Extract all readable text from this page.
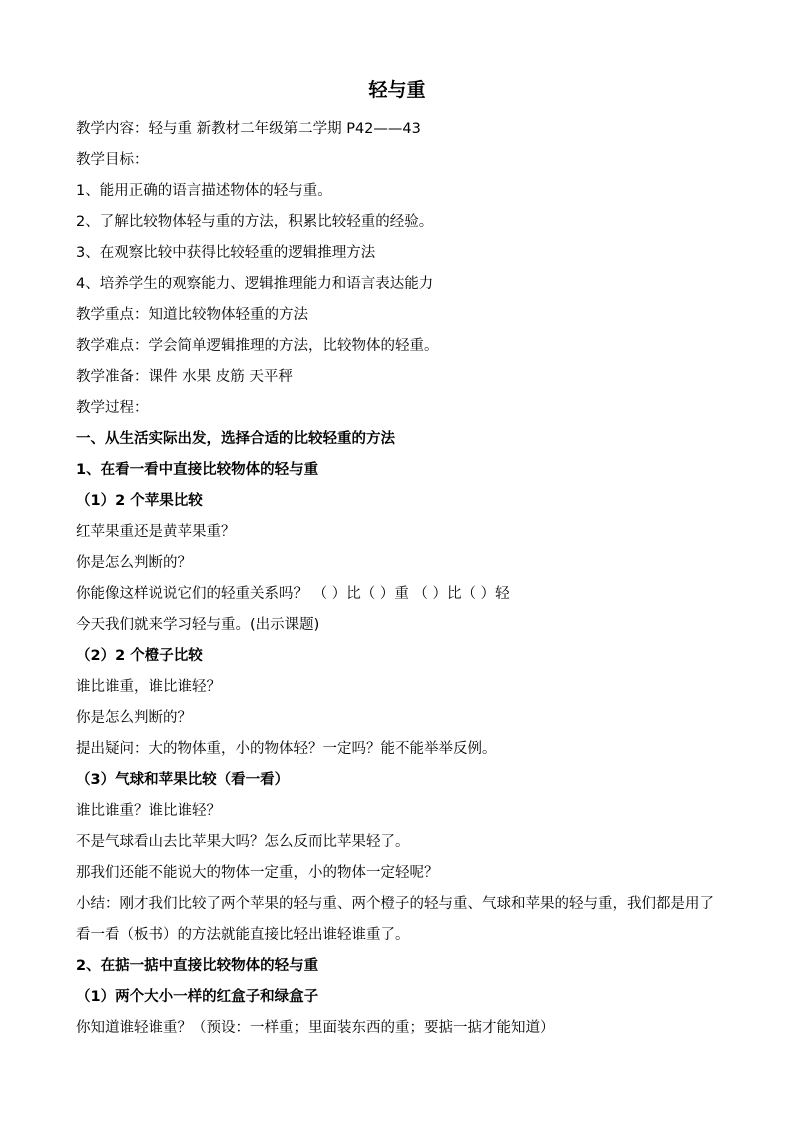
轻与重
教学内容：轻与重 新教材二年级第二学期 P42——43
教学目标：
1、能用正确的语言描述物体的轻与重。
2、了解比较物体轻与重的方法，积累比较轻重的经验。
3、在观察比较中获得比较轻重的逻辑推理方法
4、培养学生的观察能力、逻辑推理能力和语言表达能力
教学重点：知道比较物体轻重的方法
教学难点：学会简单逻辑推理的方法，比较物体的轻重。
教学准备：课件 水果 皮筋 天平秤
教学过程：
一、从生活实际出发，选择合适的比较轻重的方法
1、在看一看中直接比较物体的轻与重
（1）2 个苹果比较
红苹果重还是黄苹果重？
你是怎么判断的？
你能像这样说说它们的轻重关系吗？ （ ）比（ ）重 （ ）比（ ）轻
今天我们就来学习轻与重。(出示课题)
（2）2 个橙子比较
谁比谁重，谁比谁轻？
你是怎么判断的？
提出疑问：大的物体重，小的物体轻？一定吗？能不能举举反例。
（3）气球和苹果比较（看一看）
谁比谁重？谁比谁轻？
不是气球看山去比苹果大吗？怎么反而比苹果轻了。
那我们还能不能说大的物体一定重，小的物体一定轻呢？
小结：刚才我们比较了两个苹果的轻与重、两个橙子的轻与重、气球和苹果的轻与重，我们都是用了看一看（板书）的方法就能直接比轻出谁轻谁重了。
2、在掂一掂中直接比较物体的轻与重
（1）两个大小一样的红盒子和绿盒子
你知道谁轻谁重？（预设：一样重；里面装东西的重；要掂一掂才能知道）
